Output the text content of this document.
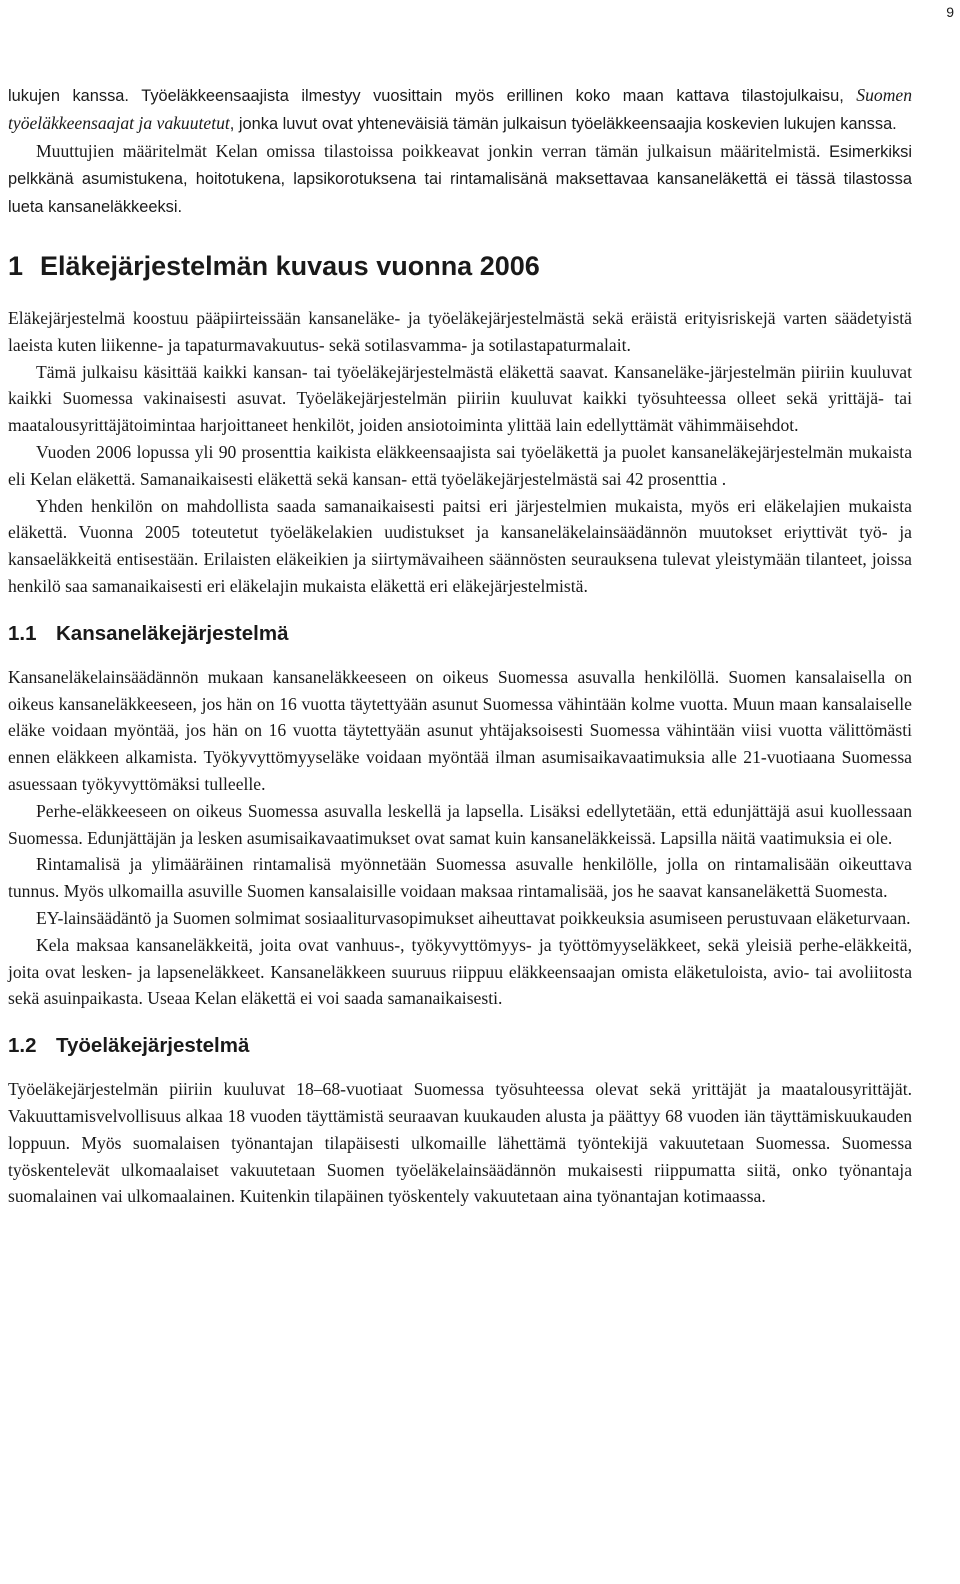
9

lukujen kanssa. Työeläkkeensaajista ilmestyy vuosittain myös erillinen koko maan kattava tilastojulkaisu, Suomen työeläkkeensaajat ja vakuutetut, jonka luvut ovat yhteneväisiä tämän julkaisun työeläkkeensaajia koskevien lukujen kanssa.

Muuttujien määritelmät Kelan omissa tilastoissa poikkeavat jonkin verran tämän julkaisun määritelmistä. Esimerkiksi pelkkänä asumistukena, hoitotukena, lapsikorotuksena tai rintamalisänä maksettavaa kansaneläkettä ei tässä tilastossa lueta kansaneläkkeeksi.

1 Eläkejärjestelmän kuvaus vuonna 2006

Eläkejärjestelmä koostuu pääpiirteissään kansaneläke- ja työeläkejärjestelmästä sekä eräistä erityisriskejä varten säädetyistä laeista kuten liikenne- ja tapaturmavakuutus- sekä sotilasvamma- ja sotilastapaturmalait.

Tämä julkaisu käsittää kaikki kansan- tai työeläkejärjestelmästä eläkettä saavat. Kansaneläke-järjestelmän piiriin kuuluvat kaikki Suomessa vakinaisesti asuvat. Työeläkejärjestelmän piiriin kuuluvat kaikki työsuhteessa olleet sekä yrittäjä- tai maatalousyrittäjätoimintaa harjoittaneet henkilöt, joiden ansiotoiminta ylittää lain edellyttämät vähimmäisehdot.

Vuoden 2006 lopussa yli 90 prosenttia kaikista eläkkeensaajista sai työeläkettä ja puolet kansaneläkejärjestelmän mukaista eli Kelan eläkettä. Samanaikaisesti eläkettä sekä kansan- että työeläkejärjestelmästä sai 42 prosenttia .

Yhden henkilön on mahdollista saada samanaikaisesti paitsi eri järjestelmien mukaista, myös eri eläkelajien mukaista eläkettä. Vuonna 2005 toteutetut työeläkelakien uudistukset ja kansaneläkelainsäädännön muutokset eriyttivät työ- ja kansaeläkkeitä entisestään. Erilaisten eläkeikien ja siirtymävaiheen säännösten seurauksena tulevat yleistymään tilanteet, joissa henkilö saa samanaikaisesti eri eläkelajin mukaista eläkettä eri eläkejärjestelmistä.

1.1 Kansaneläkejärjestelmä

Kansaneläkelainsäädännön mukaan kansaneläkkeeseen on oikeus Suomessa asuvalla henkilöllä. Suomen kansalaisella on oikeus kansaneläkkeeseen, jos hän on 16 vuotta täytettyään asunut Suomessa vähintään kolme vuotta. Muun maan kansalaiselle eläke voidaan myöntää, jos hän on 16 vuotta täytettyään asunut yhtäjaksoisesti Suomessa vähintään viisi vuotta välittömästi ennen eläkkeen alkamista. Työkyvyttömyyseläke voidaan myöntää ilman asumisaikavaatimuksia alle 21-vuotiaana Suomessa asuessaan työkyvyttömäksi tulleelle.

Perhe-eläkkeeseen on oikeus Suomessa asuvalla leskellä ja lapsella. Lisäksi edellytetään, että edunjättäjä asui kuollessaan Suomessa. Edunjättäjän ja lesken asumisaikavaatimukset ovat samat kuin kansaneläkkeissä. Lapsilla näitä vaatimuksia ei ole.

Rintamalisä ja ylimääräinen rintamalisä myönnetään Suomessa asuvalle henkilölle, jolla on rintamalisään oikeuttava tunnus. Myös ulkomailla asuville Suomen kansalaisille voidaan maksaa rintamalisää, jos he saavat kansaneläkettä Suomesta.

EY-lainsäädäntö ja Suomen solmimat sosiaaliturvasopimukset aiheuttavat poikkeuksia asumiseen perustuvaan eläketurvaan.

Kela maksaa kansaneläkkeitä, joita ovat vanhuus-, työkyvyttömyys- ja työttömyyseläkkeet, sekä yleisiä perhe-eläkkeitä, joita ovat lesken- ja lapseneläkkeet. Kansaneläkkeen suuruus riippuu eläkkeensaajan omista eläketuloista, avio- tai avoliitosta sekä asuinpaikasta. Useaa Kelan eläkettä ei voi saada samanaikaisesti.

1.2 Työeläkejärjestelmä

Työeläkejärjestelmän piiriin kuuluvat 18–68-vuotiaat Suomessa työsuhteessa olevat sekä yrittäjät ja maatalousyrittäjät. Vakuuttamisvelvollisuus alkaa 18 vuoden täyttämistä seuraavan kuukauden alusta ja päättyy 68 vuoden iän täyttämiskuukauden loppuun. Myös suomalaisen työnantajan tilapäisesti ulkomaille lähettämä työntekijä vakuutetaan Suomessa. Suomessa työskentelevät ulkomaalaiset vakuutetaan Suomen työeläkelainsäädännön mukaisesti riippumatta siitä, onko työnantaja suomalainen vai ulkomaalainen. Kuitenkin tilapäinen työskentely vakuutetaan aina työnantajan kotimaassa.
